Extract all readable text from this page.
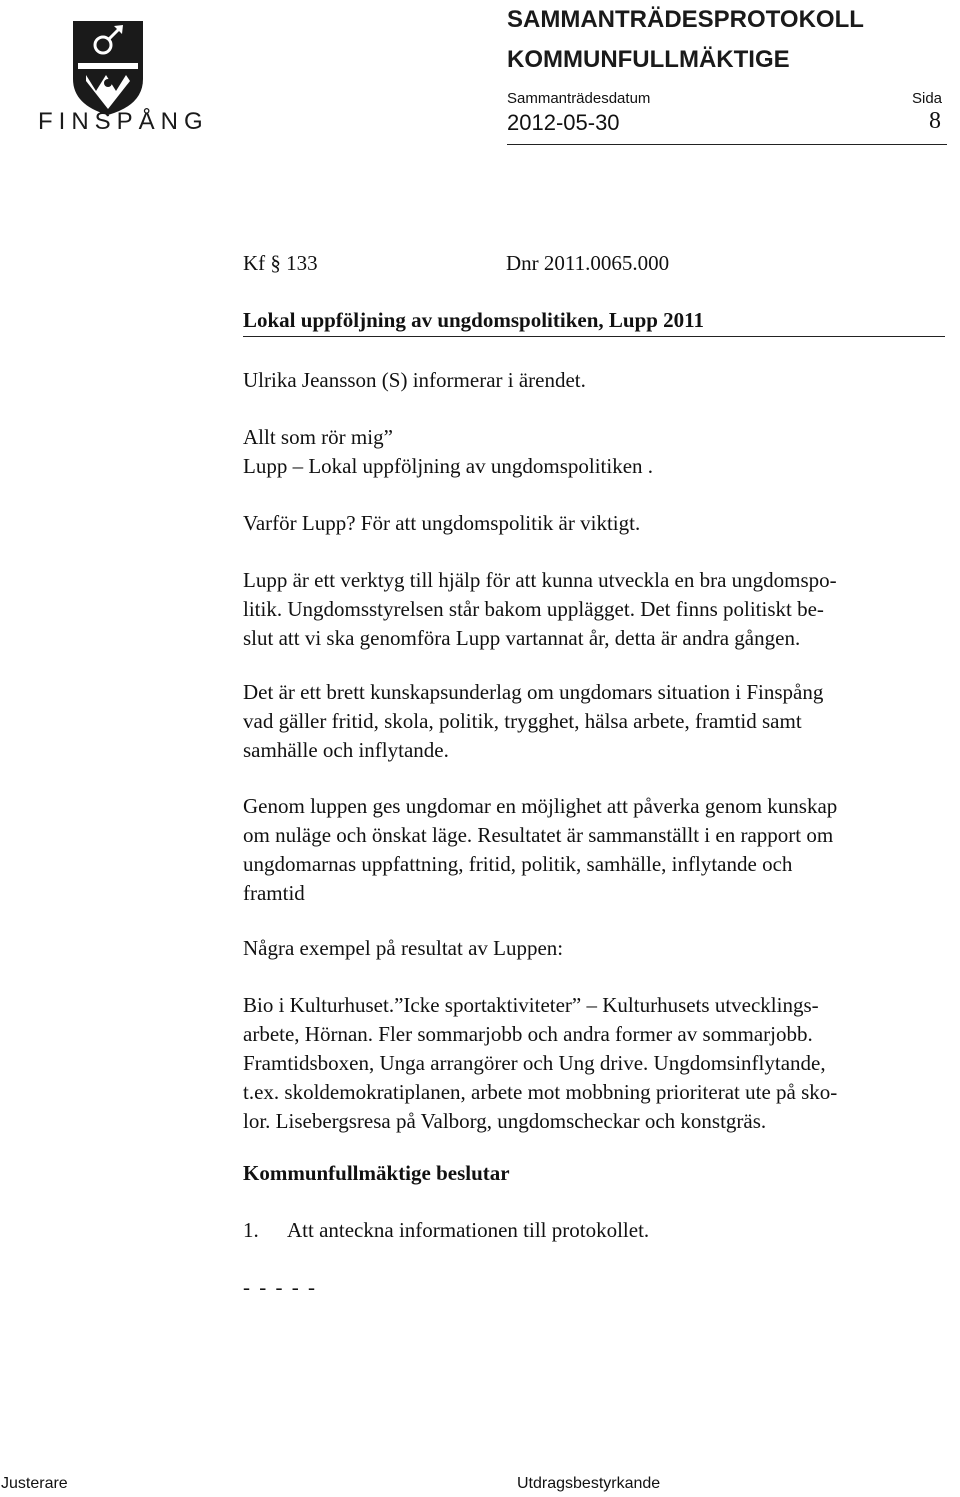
FINSPÅNG
SAMMANTRÄDESPROTOKOLL
KOMMUNFULLMÄKTIGE
Sammanträdesdatum	Sida
2012-05-30	8
Kf § 133	Dnr 2011.0065.000
Lokal uppföljning av ungdomspolitiken, Lupp 2011

Ulrika Jeansson (S) informerar i ärendet.

Allt som rör mig”
Lupp – Lokal uppföljning av ungdomspolitiken .

Varför Lupp? För att ungdomspolitik är viktigt.

Lupp är ett verktyg till hjälp för att kunna utveckla en bra ungdomspo-
litik. Ungdomsstyrelsen står bakom upplägget. Det finns politiskt be-
slut att vi ska genomföra Lupp vartannat år, detta är andra gången.
Det är ett brett kunskapsunderlag om ungdomars situation i Finspång
vad gäller fritid, skola, politik, trygghet, hälsa arbete, framtid samt
samhälle och inflytande.
Genom luppen ges ungdomar en möjlighet att påverka genom kunskap
om nuläge och önskat läge. Resultatet är sammanställt i en rapport om
ungdomarnas uppfattning, fritid, politik, samhälle, inflytande och
framtid

Några exempel på resultat av Luppen:

Bio i Kulturhuset.”Icke sportaktiviteter” – Kulturhusets utvecklings-
arbete, Hörnan. Fler sommarjobb och andra former av sommarjobb.
Framtidsboxen, Unga arrangörer och Ung drive. Ungdomsinflytande,
t.ex. skoldemokratiplanen, arbete mot mobbning prioriterat ute på sko-
lor. Lisebergsresa på Valborg, ungdomscheckar och konstgräs.
Kommunfullmäktige beslutar
1. Att anteckna informationen till protokollet.
- - - - -
Justerare	Utdragsbestyrkande
